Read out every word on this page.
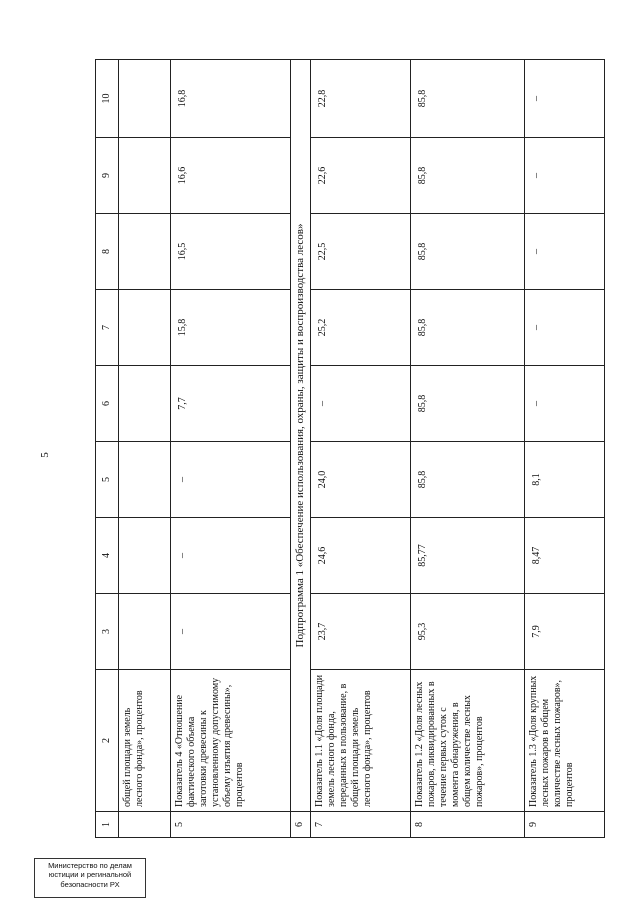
5
1	2	3	4	5	6	7	8	9	10
	общей площади земель лесного фонда», процентов								
5	Показатель 4 «Отношение фактического объема заготовки древесины к установленному допустимому объему изъятия древесины», процентов	–	–	–	7,7	15,8	16,5	16,6	16,8
6	Подпрограмма 1 «Обеспечение использования, охраны, защиты и воспроизводства лесов»								
7	Показатель 1.1 «Доля площади земель лесного фонда, переданных в пользование, в общей площади земель лесного фонда», процентов	23,7	24,6	24,0	–	25,2	22,5	22,6	22,8
8	Показатель 1.2 «Доля лесных пожаров, ликвидированных в течение первых суток с момента обнаружения, в общем количестве лесных пожаров», процентов	95,3	85,77	85,8	85,8	85,8	85,8	85,8	85,8
9	Показатель 1.3 «Доля крупных лесных пожаров в общем количестве лесных пожаров», процентов	7,9	8,47	8,1	–	–	–	–	–
Министерство по делам
юстиции и регинальной
безопасности РХ
